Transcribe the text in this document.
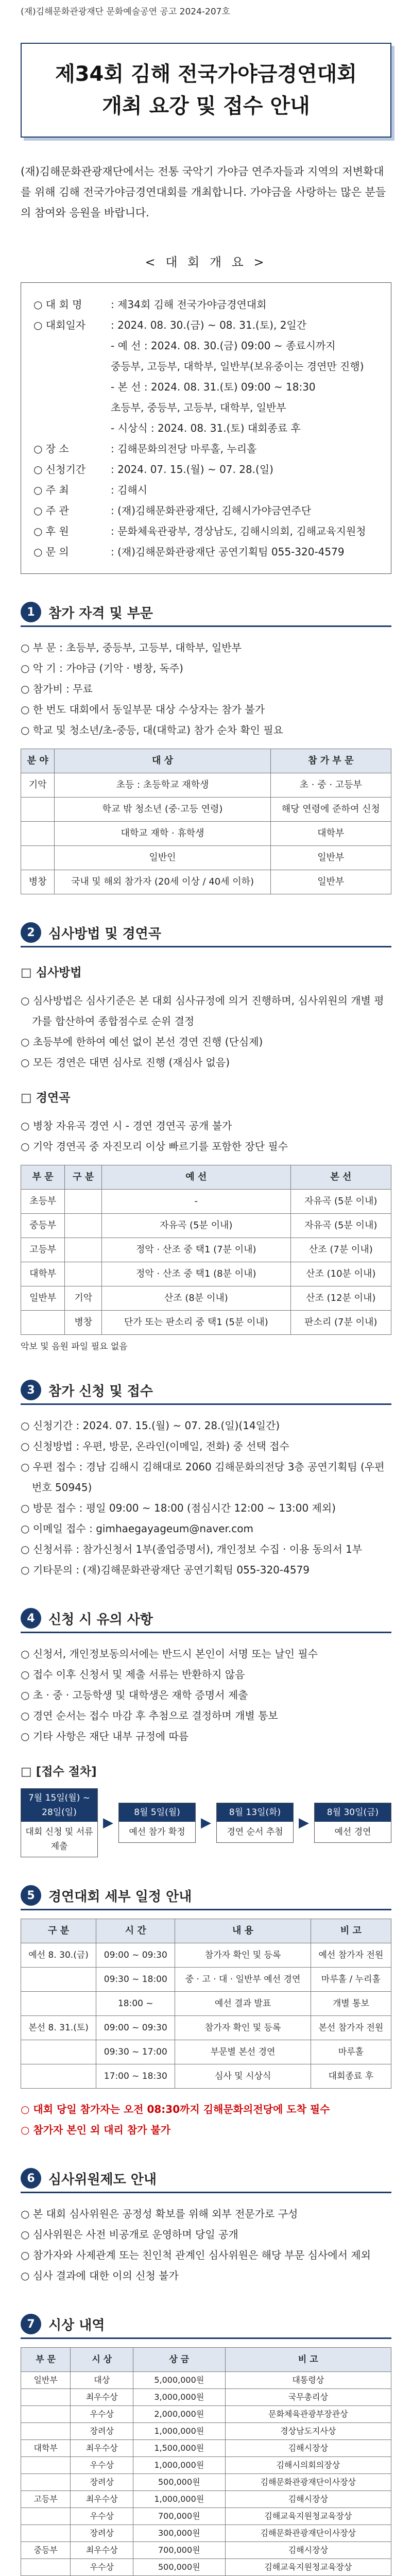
(재)김해문화관광재단 문화예술공연 공고 2024-207호
제34회 김해 전국가야금경연대회
개최 요강 및 접수 안내

(재)김해문화관광재단에서는 전통 국악기 가야금 연주자들과 지역의 저변확대를 위해 김해 전국가야금경연대회를 개최합니다. 가야금을 사랑하는 많은 분들의 참여와 응원을 바랍니다.

< 대 회 개 요 >
○ 대 회 명	: 제34회 김해 전국가야금경연대회
○ 대회일자	: 2024. 08. 30.(금) ~ 08. 31.(토), 2일간
- 예 선 : 2024. 08. 30.(금) 09:00 ~ 종료시까지
중등부, 고등부, 대학부, 일반부(보유중이는 경연만 진행)
- 본 선 : 2024. 08. 31.(토) 09:00 ~ 18:30
초등부, 중등부, 고등부, 대학부, 일반부
- 시상식 : 2024. 08. 31.(토) 대회종료 후
○ 장 소	: 김해문화의전당 마루홀, 누리홀
○ 신청기간	: 2024. 07. 15.(월) ~ 07. 28.(일)
○ 주 최	: 김해시
○ 주 관	: (재)김해문화관광재단, 김해시가야금연주단
○ 후 원	: 문화체육관광부, 경상남도, 김해시의회, 김해교육지원청
○ 문 의	: (재)김해문화관광재단 공연기획팀 055-320-4579
1	참가 자격 및 부문
○ 부 문 : 초등부, 중등부, 고등부, 대학부, 일반부
○ 악 기 : 가야금 (기악 · 병창, 독주)
○ 참가비 : 무료
○ 한 번도 대회에서 동일부문 대상 수상자는 참가 불가
○ 학교 및 청소년/초-중등, 대(대학교) 참가 순차 확인 필요
분 야	대 상	참 가 부 문
기악	초등 : 초등학교 재학생	초 · 중 · 고등부
	학교 밖 청소년 (중·고등 연령)	해당 연령에 준하여 신청
	대학교 재학 · 휴학생	대학부
	일반인	일반부
병창	국내 및 해외 참가자 (20세 이상 / 40세 이하)	일반부
2	심사방법 및 경연곡
□ 심사방법
○ 심사방법은 심사기준은 본 대회 심사규정에 의거 진행하며, 심사위원의 개별 평가를 합산하여 종합점수로 순위 결정
○ 초등부에 한하여 예선 없이 본선 경연 진행 (단심제)
○ 모든 경연은 대면 심사로 진행 (재심사 없음)
□ 경연곡
○ 병창 자유곡 경연 시 - 경연 경연곡 공개 불가
○ 기악 경연곡 중 자진모리 이상 빠르기를 포함한 장단 필수
부 문	구 분	예 선	본 선
초등부		-	자유곡 (5분 이내)
중등부		자유곡 (5분 이내)	자유곡 (5분 이내)
고등부		정악 · 산조 중 택1 (7분 이내)	산조 (7분 이내)
대학부		정악 · 산조 중 택1 (8분 이내)	산조 (10분 이내)
일반부	기악	산조 (8분 이내)	산조 (12분 이내)
	병창	단가 또는 판소리 중 택1 (5분 이내)	판소리 (7분 이내)
악보 및 음원 파일 필요 없음
3	참가 신청 및 접수
○ 신청기간 : 2024. 07. 15.(월) ~ 07. 28.(일)(14일간)
○ 신청방법 : 우편, 방문, 온라인(이메일, 전화) 중 선택 접수
○ 우편 접수 : 경남 김해시 김해대로 2060 김해문화의전당 3층 공연기획팀 (우편번호 50945)
○ 방문 접수 : 평일 09:00 ~ 18:00 (점심시간 12:00 ~ 13:00 제외)
○ 이메일 접수 : gimhaegayageum@naver.com
○ 신청서류 : 참가신청서 1부(졸업증명서), 개인정보 수집 · 이용 동의서 1부
○ 기타문의 : (재)김해문화관광재단 공연기획팀 055-320-4579
4	신청 시 유의 사항
○ 신청서, 개인정보동의서에는 반드시 본인이 서명 또는 날인 필수
○ 접수 이후 신청서 및 제출 서류는 반환하지 않음
○ 초 · 중 · 고등학생 및 대학생은 재학 증명서 제출
○ 경연 순서는 접수 마감 후 추첨으로 결정하며 개별 통보
○ 기타 사항은 재단 내부 규정에 따름
□ [접수 절차]
7월 15일(월) ~ 28일(일)
대회 신청 및 서류 제출
▶
8월 5일(월)
예선 참가 확정
▶
8월 13일(화)
경연 순서 추첨
▶
8월 30일(금)
예선 경연
5	경연대회 세부 일정 안내
구 분	시 간	내 용	비 고
예선 8. 30.(금)	09:00 ~ 09:30	참가자 확인 및 등록	예선 참가자 전원
	09:30 ~ 18:00	중 · 고 · 대 · 일반부 예선 경연	마루홀 / 누리홀
	18:00 ~	예선 결과 발표	개별 통보
본선 8. 31.(토)	09:00 ~ 09:30	참가자 확인 및 등록	본선 참가자 전원
	09:30 ~ 17:00	부문별 본선 경연	마루홀
	17:00 ~ 18:30	심사 및 시상식	대회종료 후
○ 대회 당일 참가자는 오전 08:30까지 김해문화의전당에 도착 필수
○ 참가자 본인 외 대리 참가 불가
6	심사위원제도 안내
○ 본 대회 심사위원은 공정성 확보를 위해 외부 전문가로 구성
○ 심사위원은 사전 비공개로 운영하며 당일 공개
○ 참가자와 사제관계 또는 친인척 관계인 심사위원은 해당 부문 심사에서 제외
○ 심사 결과에 대한 이의 신청 불가
7	시상 내역
부 문	시 상	상 금	비 고
일반부	대상	5,000,000원	대통령상
	최우수상	3,000,000원	국무총리상
	우수상	2,000,000원	문화체육관광부장관상
	장려상	1,000,000원	경상남도지사상
대학부	최우수상	1,500,000원	김해시장상
	우수상	1,000,000원	김해시의회의장상
	장려상	500,000원	김해문화관광재단이사장상
고등부	최우수상	1,000,000원	김해시장상
	우수상	700,000원	김해교육지원청교육장상
	장려상	300,000원	김해문화관광재단이사장상
중등부	최우수상	700,000원	김해시장상
	우수상	500,000원	김해교육지원청교육장상
